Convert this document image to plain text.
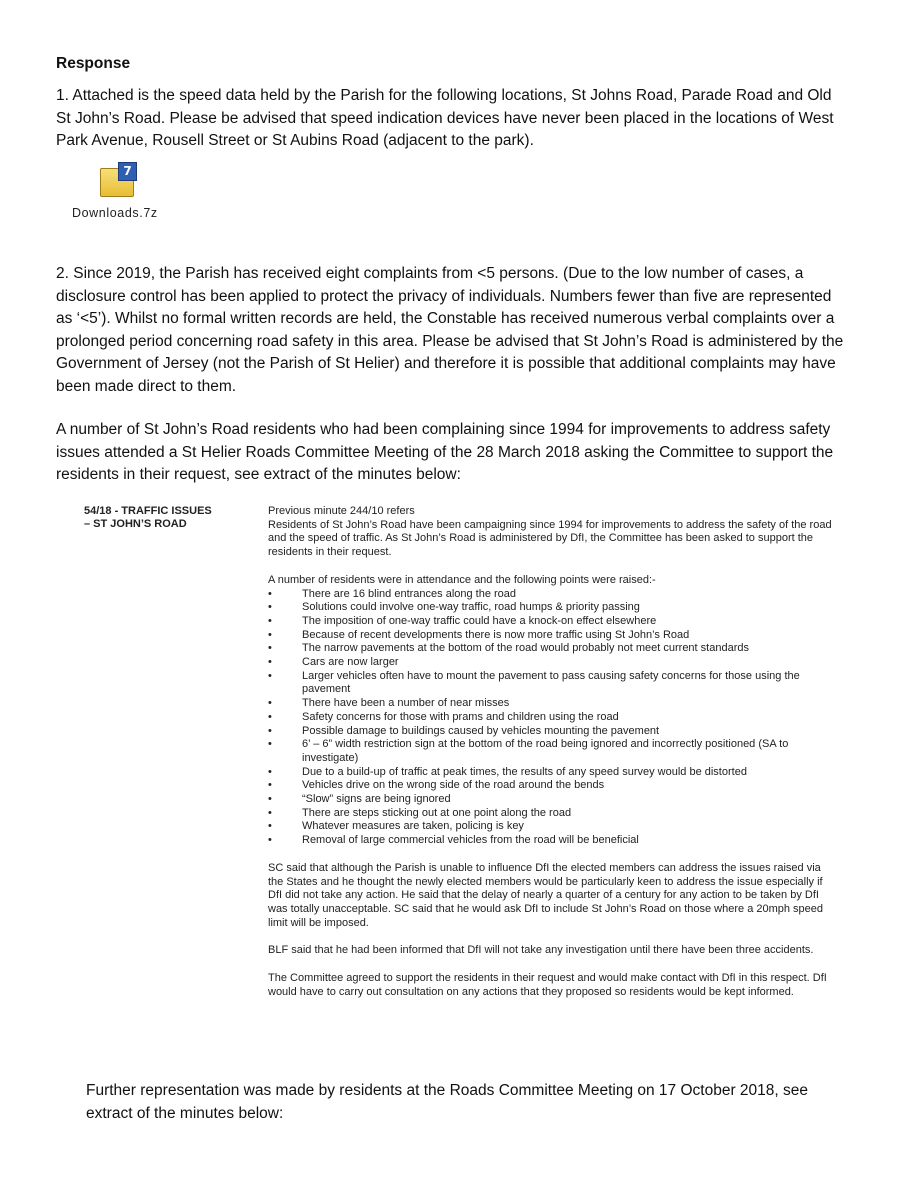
Response

1. Attached is the speed data held by the Parish for the following locations, St Johns Road, Parade Road and Old St John’s Road. Please be advised that speed indication devices have never been placed in the locations of West Park Avenue, Rousell Street or St Aubins Road (adjacent to the park).

7
Downloads.7z

2. Since 2019, the Parish has received eight complaints from <5 persons. (Due to the low number of cases, a disclosure control has been applied to protect the privacy of individuals. Numbers fewer than five are represented as ‘<5’). Whilst no formal written records are held, the Constable has received numerous verbal complaints over a prolonged period concerning road safety in this area. Please be advised that St John’s Road is administered by the Government of Jersey (not the Parish of St Helier) and therefore it is possible that additional complaints may have been made direct to them.

A number of St John’s Road residents who had been complaining since 1994 for improvements to address safety issues attended a St Helier Roads Committee Meeting of the 28 March 2018 asking the Committee to support the residents in their request, see extract of the minutes below:

54/18 - TRAFFIC ISSUES
– ST JOHN’S ROAD

Previous minute 244/10 refers
Residents of St John’s Road have been campaigning since 1994 for improvements to address the safety of the road and the speed of traffic. As St John’s Road is administered by DfI, the Committee has been asked to support the residents in their request.

A number of residents were in attendance and the following points were raised:-

• There are 16 blind entrances along the road
• Solutions could involve one-way traffic, road humps & priority passing
• The imposition of one-way traffic could have a knock-on effect elsewhere
• Because of recent developments there is now more traffic using St John’s Road
• The narrow pavements at the bottom of the road would probably not meet current standards
• Cars are now larger
• Larger vehicles often have to mount the pavement to pass causing safety concerns for those using the pavement
• There have been a number of near misses
• Safety concerns for those with prams and children using the road
• Possible damage to buildings caused by vehicles mounting the pavement
• 6’ – 6” width restriction sign at the bottom of the road being ignored and incorrectly positioned (SA to investigate)
• Due to a build-up of traffic at peak times, the results of any speed survey would be distorted
• Vehicles drive on the wrong side of the road around the bends
• “Slow” signs are being ignored
• There are steps sticking out at one point along the road
• Whatever measures are taken, policing is key
• Removal of large commercial vehicles from the road will be beneficial

SC said that although the Parish is unable to influence DfI the elected members can address the issues raised via the States and he thought the newly elected members would be particularly keen to address the issue especially if DfI did not take any action. He said that the delay of nearly a quarter of a century for any action to be taken by DfI was totally unacceptable. SC said that he would ask DfI to include St John’s Road on those where a 20mph speed limit will be imposed.

BLF said that he had been informed that DfI will not take any investigation until there have been three accidents.

The Committee agreed to support the residents in their request and would make contact with DfI in this respect. DfI would have to carry out consultation on any actions that they proposed so residents would be kept informed.

Further representation was made by residents at the Roads Committee Meeting on 17 October 2018, see extract of the minutes below:
